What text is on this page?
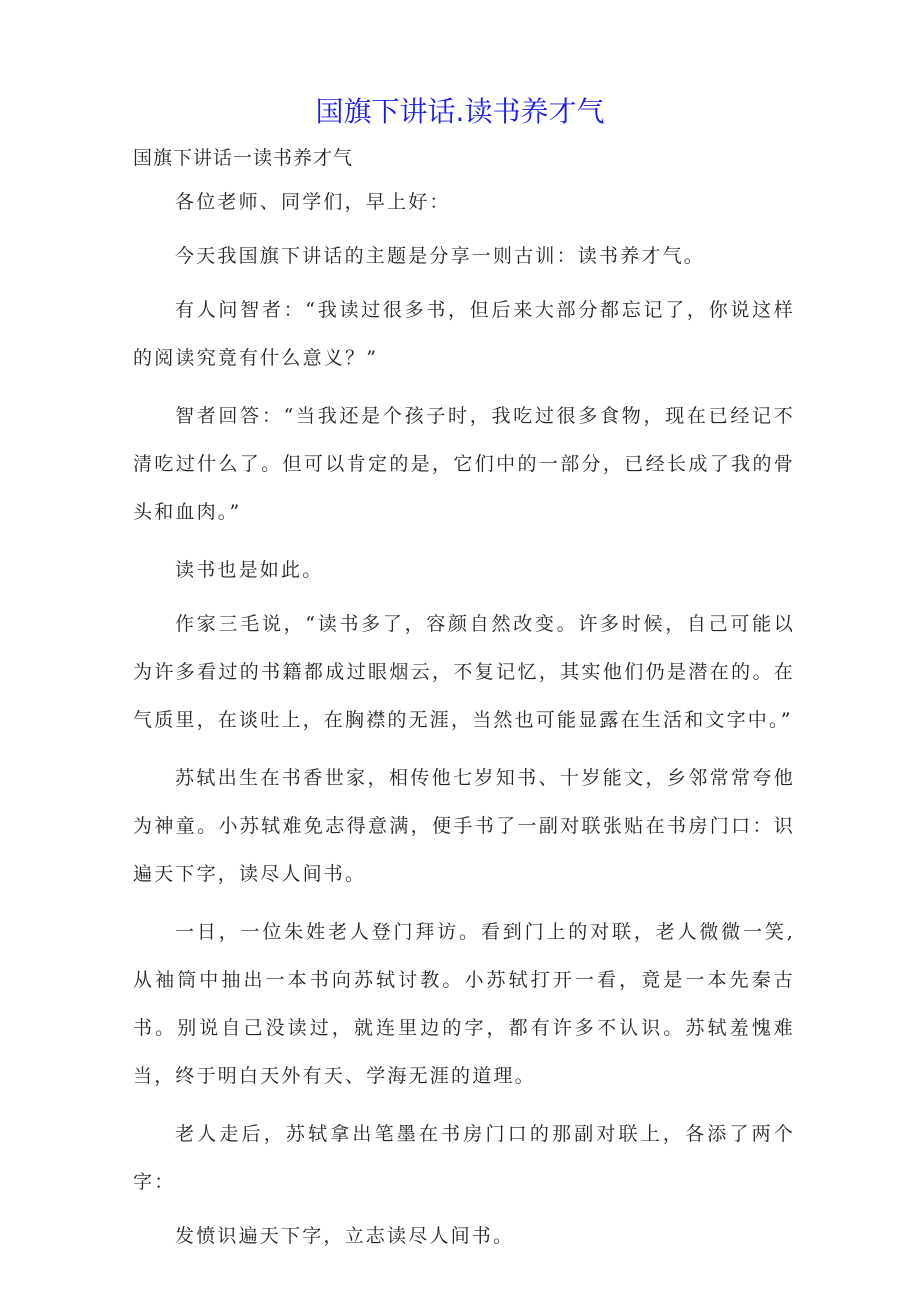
国旗下讲话.读书养才气

国旗下讲话一读书养才气

各位老师、同学们，早上好：

今天我国旗下讲话的主题是分享一则古训：读书养才气。

有人问智者：“我读过很多书，但后来大部分都忘记了，你说这样的阅读究竟有什么意义？”

智者回答：“当我还是个孩子时，我吃过很多食物，现在已经记不清吃过什么了。但可以肯定的是，它们中的一部分，已经长成了我的骨头和血肉。”

读书也是如此。

作家三毛说，“读书多了，容颜自然改变。许多时候，自己可能以为许多看过的书籍都成过眼烟云，不复记忆，其实他们仍是潜在的。在气质里，在谈吐上，在胸襟的无涯，当然也可能显露在生活和文字中。”

苏轼出生在书香世家，相传他七岁知书、十岁能文，乡邻常常夸他为神童。小苏轼难免志得意满，便手书了一副对联张贴在书房门口：识遍天下字，读尽人间书。

一日，一位朱姓老人登门拜访。看到门上的对联，老人微微一笑,从袖筒中抽出一本书向苏轼讨教。小苏轼打开一看，竟是一本先秦古书。别说自己没读过，就连里边的字，都有许多不认识。苏轼羞愧难当，终于明白天外有天、学海无涯的道理。

老人走后，苏轼拿出笔墨在书房门口的那副对联上，各添了两个字：

发愤识遍天下字，立志读尽人间书。
